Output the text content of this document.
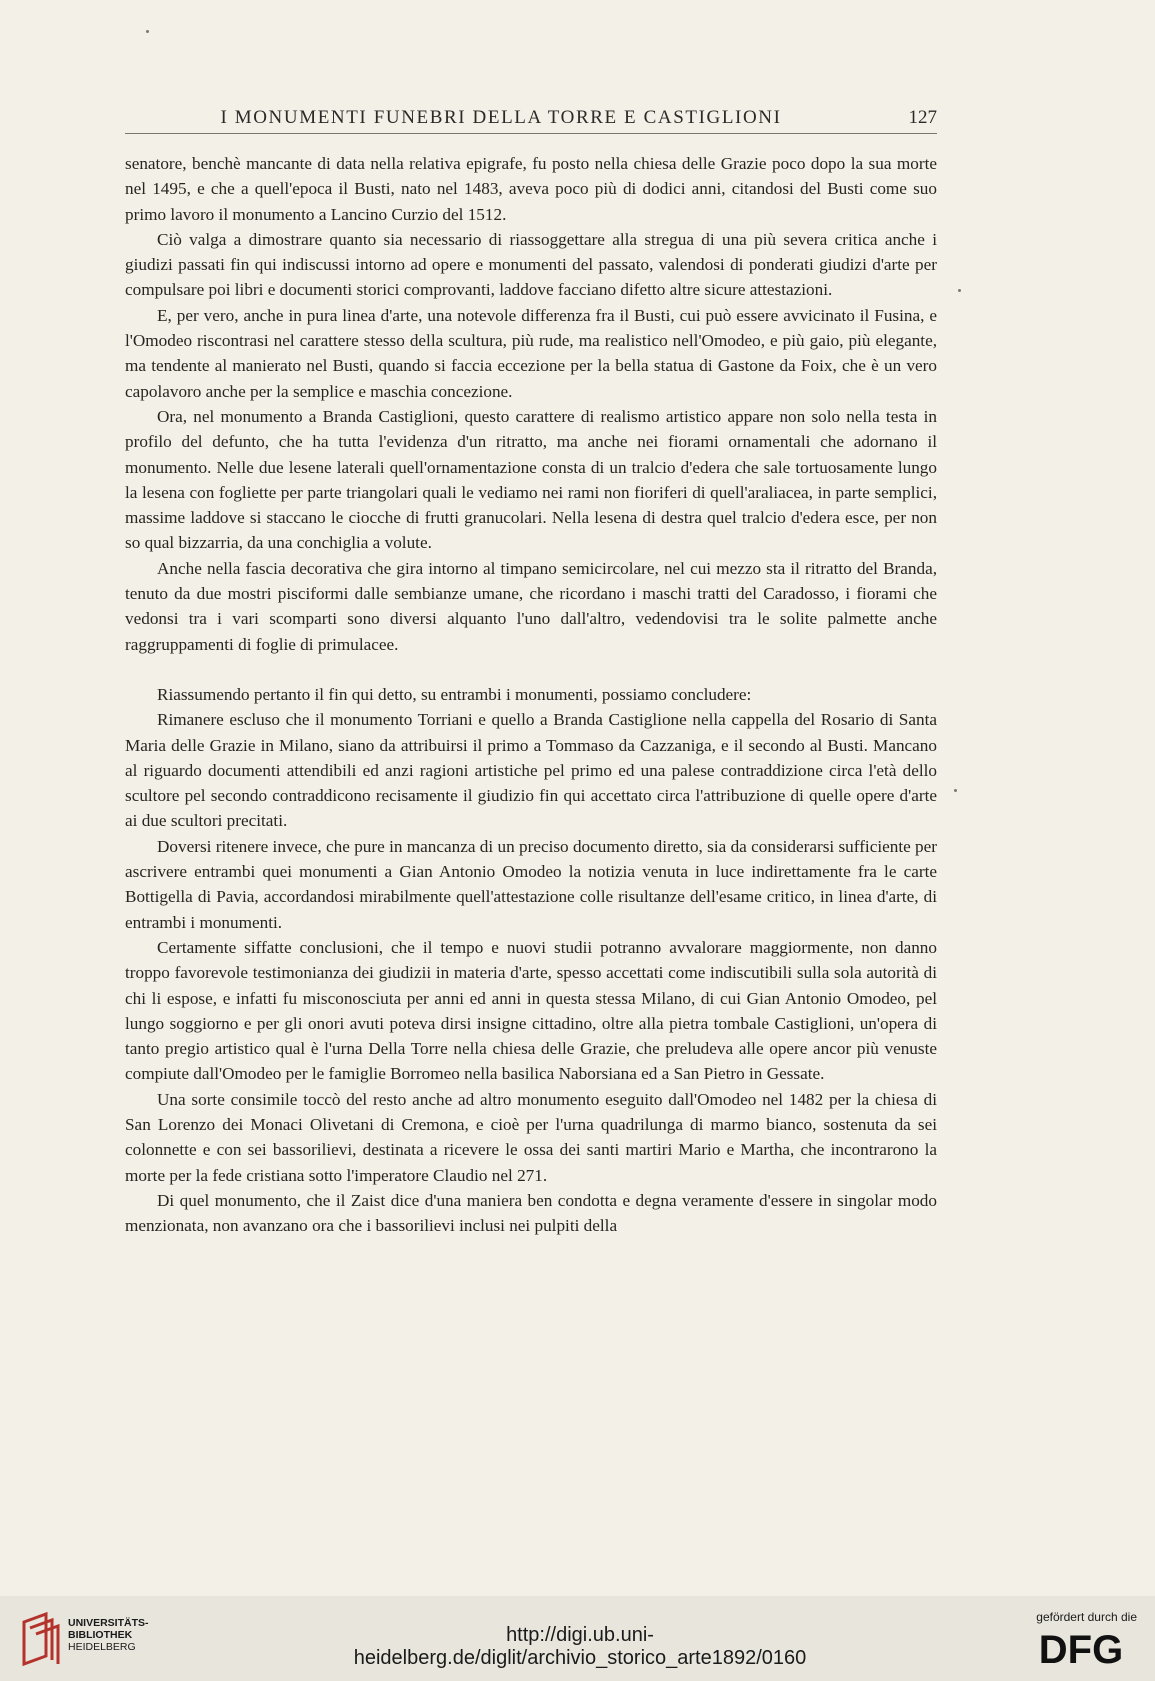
I MONUMENTI FUNEBRI DELLA TORRE E CASTIGLIONI	127

senatore, benchè mancante di data nella relativa epigrafe, fu posto nella chiesa delle Grazie poco dopo la sua morte nel 1495, e che a quell'epoca il Busti, nato nel 1483, aveva poco più di dodici anni, citandosi del Busti come suo primo lavoro il monumento a Lancino Curzio del 1512.

Ciò valga a dimostrare quanto sia necessario di riassoggettare alla stregua di una più severa critica anche i giudizi passati fin qui indiscussi intorno ad opere e monumenti del passato, valendosi di ponderati giudizi d'arte per compulsare poi libri e documenti storici comprovanti, laddove facciano difetto altre sicure attestazioni.

E, per vero, anche in pura linea d'arte, una notevole differenza fra il Busti, cui può essere avvicinato il Fusina, e l'Omodeo riscontrasi nel carattere stesso della scultura, più rude, ma realistico nell'Omodeo, e più gaio, più elegante, ma tendente al manierato nel Busti, quando si faccia eccezione per la bella statua di Gastone da Foix, che è un vero capolavoro anche per la semplice e maschia concezione.

Ora, nel monumento a Branda Castiglioni, questo carattere di realismo artistico appare non solo nella testa in profilo del defunto, che ha tutta l'evidenza d'un ritratto, ma anche nei fiorami ornamentali che adornano il monumento. Nelle due lesene laterali quell'ornamentazione consta di un tralcio d'edera che sale tortuosamente lungo la lesena con fogliette per parte triangolari quali le vediamo nei rami non fioriferi di quell'araliacea, in parte semplici, massime laddove si staccano le ciocche di frutti granucolari. Nella lesena di destra quel tralcio d'edera esce, per non so qual bizzarria, da una conchiglia a volute.

Anche nella fascia decorativa che gira intorno al timpano semicircolare, nel cui mezzo sta il ritratto del Branda, tenuto da due mostri pisciformi dalle sembianze umane, che ricordano i maschi tratti del Caradosso, i fiorami che vedonsi tra i vari scomparti sono diversi alquanto l'uno dall'altro, vedendovisi tra le solite palmette anche raggruppamenti di foglie di primulacee.

Riassumendo pertanto il fin qui detto, su entrambi i monumenti, possiamo concludere:

Rimanere escluso che il monumento Torriani e quello a Branda Castiglione nella cappella del Rosario di Santa Maria delle Grazie in Milano, siano da attribuirsi il primo a Tommaso da Cazzaniga, e il secondo al Busti. Mancano al riguardo documenti attendibili ed anzi ragioni artistiche pel primo ed una palese contraddizione circa l'età dello scultore pel secondo contraddicono recisamente il giudizio fin qui accettato circa l'attribuzione di quelle opere d'arte ai due scultori precitati.

Doversi ritenere invece, che pure in mancanza di un preciso documento diretto, sia da considerarsi sufficiente per ascrivere entrambi quei monumenti a Gian Antonio Omodeo la notizia venuta in luce indirettamente fra le carte Bottigella di Pavia, accordandosi mirabilmente quell'attestazione colle risultanze dell'esame critico, in linea d'arte, di entrambi i monumenti.

Certamente siffatte conclusioni, che il tempo e nuovi studii potranno avvalorare maggiormente, non danno troppo favorevole testimonianza dei giudizii in materia d'arte, spesso accettati come indiscutibili sulla sola autorità di chi li espose, e infatti fu misconosciuta per anni ed anni in questa stessa Milano, di cui Gian Antonio Omodeo, pel lungo soggiorno e per gli onori avuti poteva dirsi insigne cittadino, oltre alla pietra tombale Castiglioni, un'opera di tanto pregio artistico qual è l'urna Della Torre nella chiesa delle Grazie, che preludeva alle opere ancor più venuste compiute dall'Omodeo per le famiglie Borromeo nella basilica Naborsiana ed a San Pietro in Gessate.

Una sorte consimile toccò del resto anche ad altro monumento eseguito dall'Omodeo nel 1482 per la chiesa di San Lorenzo dei Monaci Olivetani di Cremona, e cioè per l'urna quadrilunga di marmo bianco, sostenuta da sei colonnette e con sei bassorilievi, destinata a ricevere le ossa dei santi martiri Mario e Martha, che incontrarono la morte per la fede cristiana sotto l'imperatore Claudio nel 271.

Di quel monumento, che il Zaist dice d'una maniera ben condotta e degna veramente d'essere in singolar modo menzionata, non avanzano ora che i bassorilievi inclusi nei pulpiti della

UNIVERSITÄTS-
BIBLIOTHEK
HEIDELBERG
http://digi.ub.uni-heidelberg.de/diglit/archivio_storico_arte1892/0160
gefördert durch die
DFG
